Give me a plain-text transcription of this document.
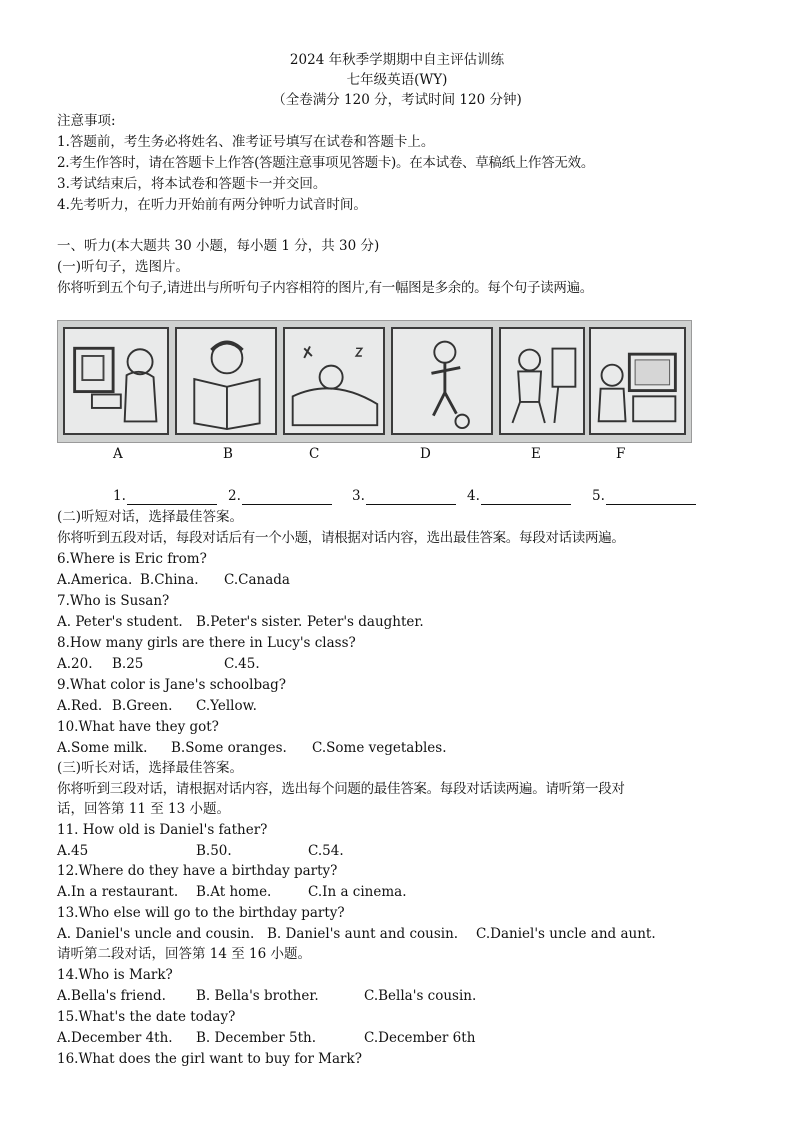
2024 年秋季学期期中自主评估训练
七年级英语(WY)
（全卷满分 120 分，考试时间 120 分钟)
注意事项:
1.答题前，考生务必将姓名、准考证号填写在试卷和答题卡上。
2.考生作答时，请在答题卡上作答(答题注意事项见答题卡)。在本试卷、草稿纸上作答无效。
3.考试结束后，将本试卷和答题卡一并交回。
4.先考听力，在听力开始前有两分钟听力试音时间。
一、听力(本大题共 30 小题，每小题 1 分，共 30 分)
(一)听句子，选图片。
你将听到五个句子,请进出与所听句子内容相符的图片,有一幅图是多余的。每个句子读两遍。
A	B	C	D	E	F
1.	2.	3.	4.	5.
(二)听短对话，选择最佳答案。
你将听到五段对话，每段对话后有一个小题，请根据对话内容，选出最佳答案。每段对话读两遍。
6.Where is Eric from?
A.America. B.China. C.Canada
7.Who is Susan?
A. Peter's student. B.Peter's sister. Peter's daughter.
8.How many girls are there in Lucy's class?
A.20. B.25	C.45.
9.What color is Jane's schoolbag?
A.Red. B.Green. C.Yellow.
10.What have they got?
A.Some milk. B.Some oranges. C.Some vegetables.
(三)听长对话，选择最佳答案。
你将听到三段对话，请根据对话内容，选出每个问题的最佳答案。每段对话读两遍。请听第一段对
话，回答第 11 至 13 小题。
11. How old is Daniel's father?
A.45	B.50.	C.54.
12.Where do they have a birthday party?
A.In a restaurant. B.At home.	C.In a cinema.
13.Who else will go to the birthday party?
A. Daniel's uncle and cousin. B. Daniel's aunt and cousin. C.Daniel's uncle and aunt.
请听第二段对话，回答第 14 至 16 小题。
14.Who is Mark?
A.Bella's friend. B. Bella's brother.	C.Bella's cousin.
15.What's the date today?
A.December 4th. B. December 5th.	C.December 6th
16.What does the girl want to buy for Mark?
